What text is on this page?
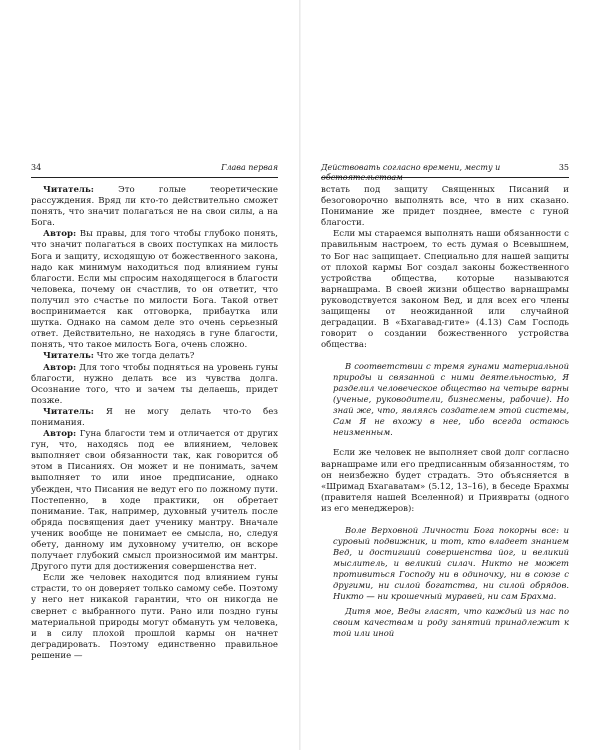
34	Глава первая

Читатель: Это голые теоретические рассуждения. Вряд ли кто-то действительно сможет понять, что значит полагаться не на свои силы, а на Бога.

Автор: Вы правы, для того чтобы глубоко понять, что значит полагаться в своих поступках на милость Бога и защиту, исходящую от божественного закона, надо как минимум находиться под влиянием гуны благости. Если мы спросим находящегося в благости человека, почему он счастлив, то он ответит, что получил это счастье по милости Бога. Такой ответ воспринимается как отговорка, прибаутка или шутка. Однако на самом деле это очень серьезный ответ. Действительно, не находясь в гуне благости, понять, что такое милость Бога, очень сложно.

Читатель: Что же тогда делать?

Автор: Для того чтобы подняться на уровень гуны благости, нужно делать все из чувства долга. Осознание того, что и зачем ты делаешь, придет позже.

Читатель: Я не могу делать что-то без понимания.

Автор: Гуна благости тем и отличается от других гун, что, находясь под ее влиянием, человек выполняет свои обязанности так, как говорится об этом в Писаниях. Он может и не понимать, зачем выполняет то или иное предписание, однако убежден, что Писания не ведут его по ложному пути. Постепенно, в ходе практики, он обретает понимание. Так, например, духовный учитель после обряда посвящения дает ученику мантру. Вначале ученик вообще не понимает ее смысла, но, следуя обету, данному им духовному учителю, он вскоре получает глубокий смысл произносимой им мантры. Другого пути для достижения совершенства нет.

Если же человек находится под влиянием гуны страсти, то он доверяет только самому себе. Поэтому у него нет никакой гарантии, что он никогда не свернет с выбранного пути. Рано или поздно гуны материальной природы могут обмануть ум человека, и в силу плохой прошлой кармы он начнет деградировать. Поэтому единственно правильное решение —

Действовать согласно времени, месту и обстоятельствам
35

встать под защиту Священных Писаний и безоговорочно выполнять все, что в них сказано. Понимание же придет позднее, вместе с гуной благости.

Если мы стараемся выполнять наши обязанности с правильным настроем, то есть думая о Всевышнем, то Бог нас защищает. Специально для нашей защиты от плохой кармы Бог создал законы божественного устройства общества, которые называются варнашрама. В своей жизни общество варнашрамы руководствуется законом Вед, и для всех его члены защищены от неожиданной или случайной деградации. В «Бхагавад-гите» (4.13) Сам Господь говорит о создании божественного устройства общества:

В соответствии с тремя гунами материальной природы и связанной с ними деятельностью, Я разделил человеческое общество на четыре варны (ученые, руководители, бизнесмены, рабочие). Но знай же, что, являясь создателем этой системы, Сам Я не вхожу в нее, ибо всегда остаюсь неизменным.

Если же человек не выполняет свой долг согласно варнашраме или его предписанным обязанностям, то он неизбежно будет страдать. Это объясняется в «Шримад Бхагаватам» (5.12, 13–16), в беседе Брахмы (правителя нашей Вселенной) и Приявраты (одного из его менеджеров):

Воле Верховной Личности Бога покорны все: и суровый подвижник, и тот, кто владеет знанием Вед, и достигший совершенства йог, и великий мыслитель, и великий силач. Никто не может противиться Господу ни в одиночку, ни в союзе с другими, ни силой богатства, ни силой обрядов. Никто — ни крошечный муравей, ни сам Брахма.

Дитя мое, Веды гласят, что каждый из нас по своим качествам и роду занятий принадлежит к той или иной
